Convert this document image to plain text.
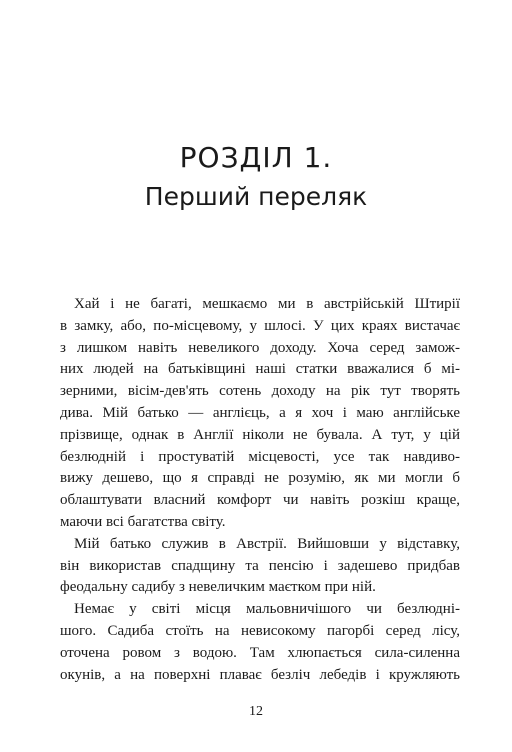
РОЗДІЛ 1.
Перший переляк
Хай і не багаті, мешкаємо ми в австрійській Штирії
в замку, або, по-місцевому, у шлосі. У цих краях вистачає
з лишком навіть невеликого доходу. Хоча серед замож-
них людей на батьківщині наші статки вважалися б мі-
зерними, вісім-дев'ять сотень доходу на рік тут творять
дива. Мій батько — англієць, а я хоч і маю англійське
прізвище, однак в Англії ніколи не бувала. А тут, у цій
безлюдній і простуватій місцевості, усе так навдиво-
вижу дешево, що я справді не розумію, як ми могли б
облаштувати власний комфорт чи навіть розкіш краще,
маючи всі багатства світу.
Мій батько служив в Австрії. Вийшовши у відставку,
він використав спадщину та пенсію і задешево придбав
феодальну садибу з невеличким маєтком при ній.
Немає у світі місця мальовничішого чи безлюдні-
шого. Садиба стоїть на невисокому пагорбі серед лісу,
оточена ровом з водою. Там хлюпається сила-силенна
окунів, а на поверхні плаває безліч лебедів і кружляють
12
